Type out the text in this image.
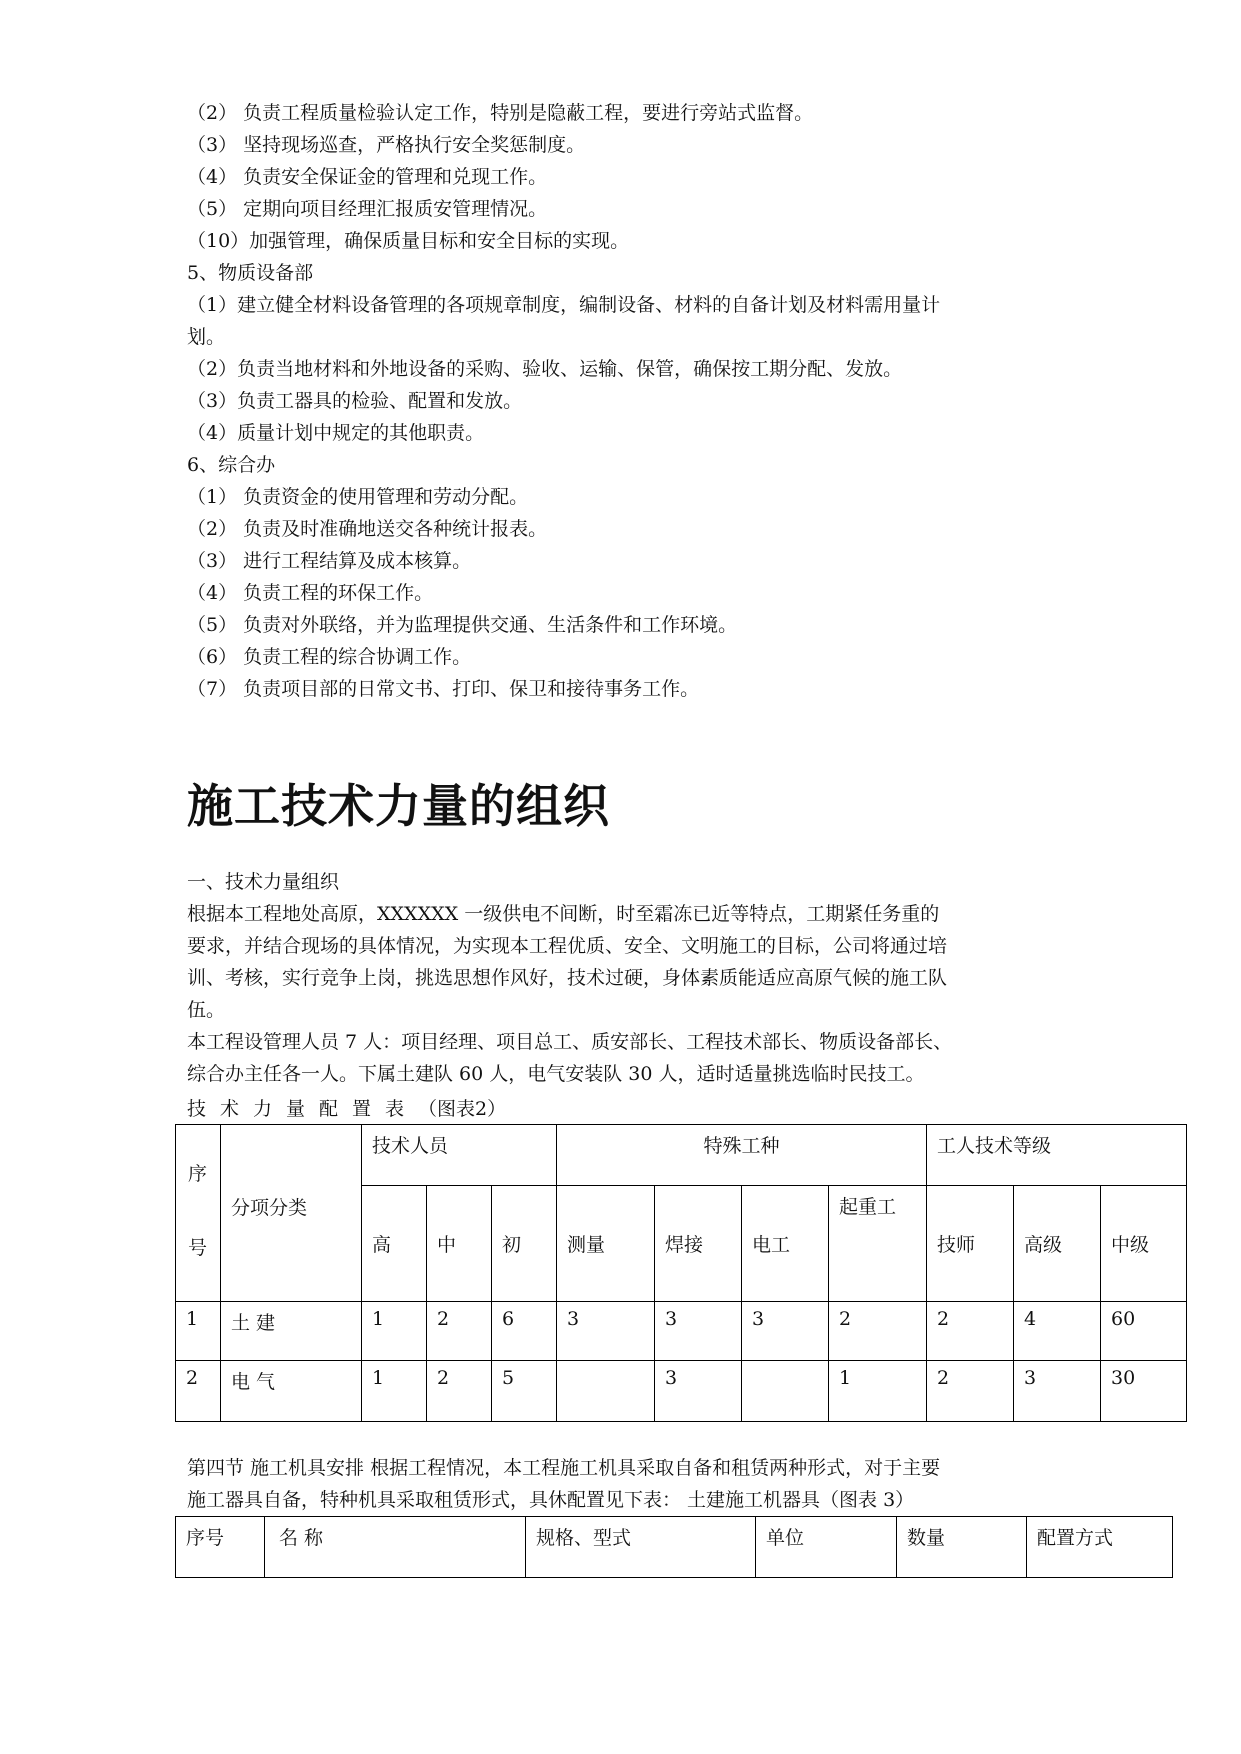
（2） 负责工程质量检验认定工作，特别是隐蔽工程，要进行旁站式监督。
（3） 坚持现场巡查，严格执行安全奖惩制度。
（4） 负责安全保证金的管理和兑现工作。
（5） 定期向项目经理汇报质安管理情况。
（10）加强管理，确保质量目标和安全目标的实现。
5、物质设备部
（1）建立健全材料设备管理的各项规章制度，编制设备、材料的自备计划及材料需用量计
划。
（2）负责当地材料和外地设备的采购、验收、运输、保管，确保按工期分配、发放。
（3）负责工器具的检验、配置和发放。
（4）质量计划中规定的其他职责。
6、综合办
（1） 负责资金的使用管理和劳动分配。
（2） 负责及时准确地送交各种统计报表。
（3） 进行工程结算及成本核算。
（4） 负责工程的环保工作。
（5） 负责对外联络，并为监理提供交通、生活条件和工作环境。
（6） 负责工程的综合协调工作。
（7） 负责项目部的日常文书、打印、保卫和接待事务工作。
施工技术力量的组织
一、技术力量组织
根据本工程地处高原，XXXXXX 一级供电不间断，时至霜冻已近等特点，工期紧任务重的
要求，并结合现场的具体情况，为实现本工程优质、安全、文明施工的目标，公司将通过培
训、考核，实行竞争上岗，挑选思想作风好，技术过硬，身体素质能适应高原气候的施工队
伍。
本工程设管理人员 7 人：项目经理、项目总工、质安部长、工程技术部长、物质设备部长、
综合办主任各一人。下属土建队 60 人，电气安装队 30 人，适时适量挑选临时民技工。
技术力量配置表（图表2）
序
号	分项分类	技术人员			特殊工种				工人技术等级		
		高	中	初	测量	焊接	电工	起重工	技师	高级	中级
1	土 建	1	2	6	3	3	3	2	2	4	60
2	电 气	1	2	5		3		1	2	3	30
第四节 施工机具安排 根据工程情况，本工程施工机具采取自备和租赁两种形式，对于主要
施工器具自备，特种机具采取租赁形式，具休配置见下表： 土建施工机器具（图表 3）
序号	名 称	规格、型式	单位	数量	配置方式
